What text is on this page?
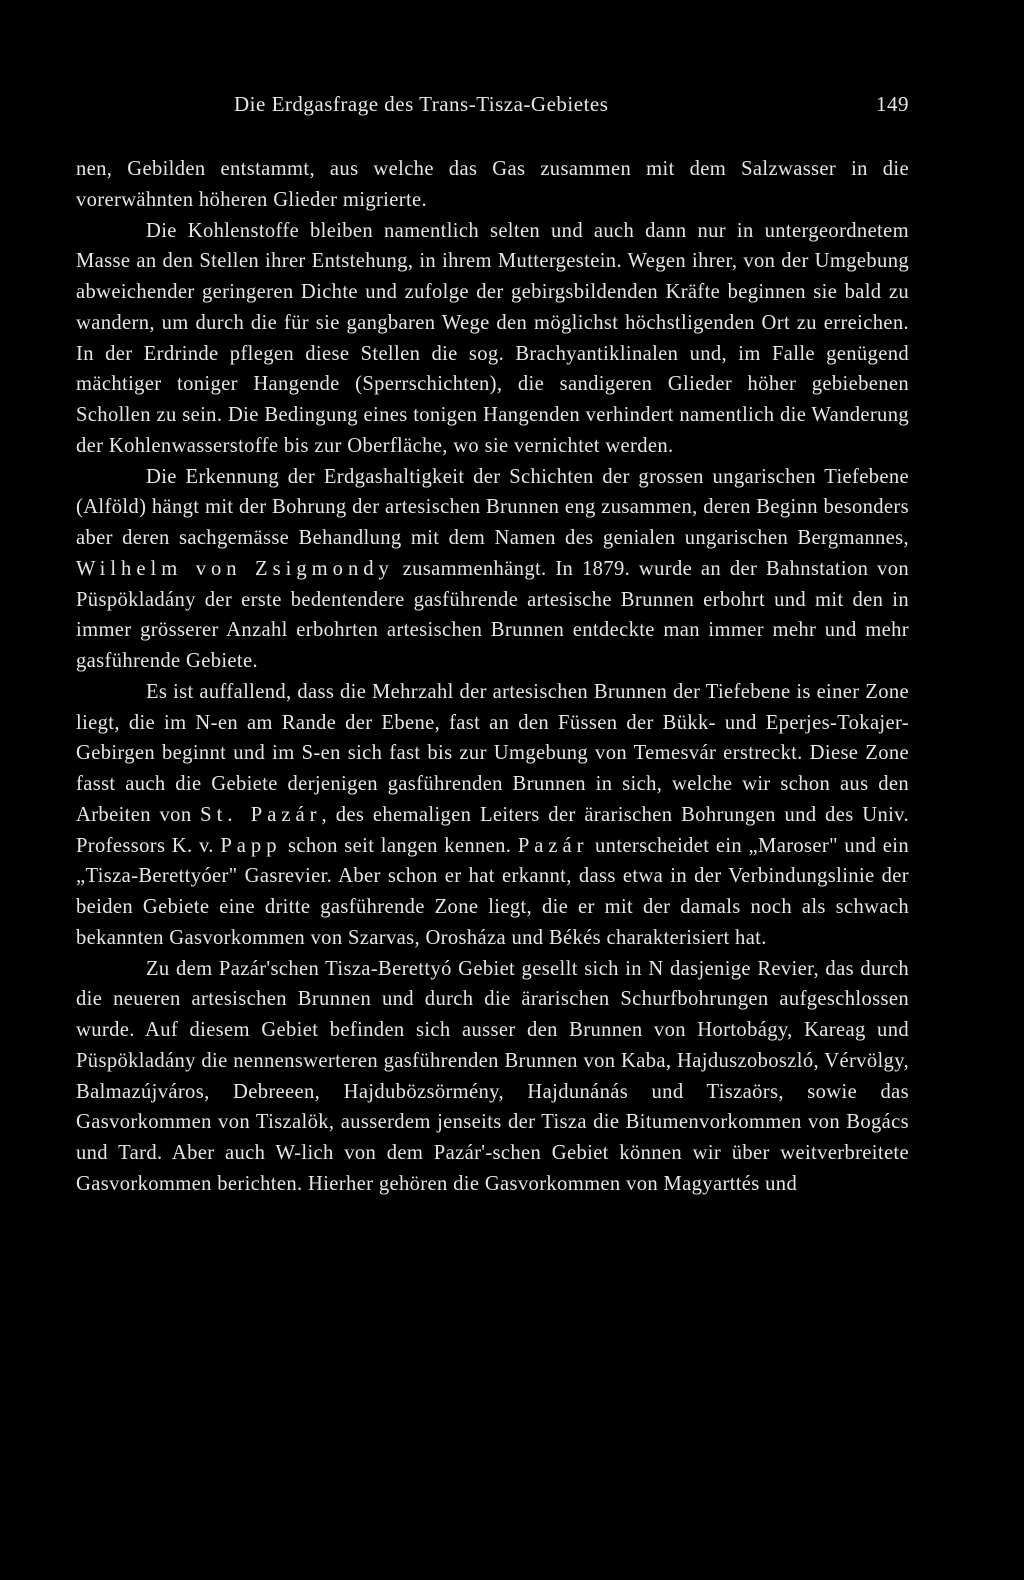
Die Erdgasfrage des Trans-Tisza-Gebietes	149

nen, Gebilden entstammt, aus welche das Gas zusammen mit dem Salzwasser in die vorerwähnten höheren Glieder migrierte.

Die Kohlenstoffe bleiben namentlich selten und auch dann nur in untergeordnetem Masse an den Stellen ihrer Entstehung, in ihrem Muttergestein. Wegen ihrer, von der Umgebung abweichender geringeren Dichte und zufolge der gebirgsbildenden Kräfte beginnen sie bald zu wandern, um durch die für sie gangbaren Wege den möglichst höchstligenden Ort zu erreichen. In der Erdrinde pflegen diese Stellen die sog. Brachyantiklinalen und, im Falle genügend mächtiger toniger Hangende (Sperrschichten), die sandigeren Glieder höher gebiebenen Schollen zu sein. Die Bedingung eines tonigen Hangenden verhindert namentlich die Wanderung der Kohlenwasserstoffe bis zur Oberfläche, wo sie vernichtet werden.

Die Erkennung der Erdgashaltigkeit der Schichten der grossen ungarischen Tiefebene (Alföld) hängt mit der Bohrung der artesischen Brunnen eng zusammen, deren Beginn besonders aber deren sachgemässe Behandlung mit dem Namen des genialen ungarischen Bergmannes, Wilhelm von Zsigmondy zusammenhängt. In 1879. wurde an der Bahnstation von Püspökladány der erste bedentendere gasführende artesische Brunnen erbohrt und mit den in immer grösserer Anzahl erbohrten artesischen Brunnen entdeckte man immer mehr und mehr gasführende Gebiete.

Es ist auffallend, dass die Mehrzahl der artesischen Brunnen der Tiefebene is einer Zone liegt, die im N-en am Rande der Ebene, fast an den Füssen der Bükk- und Eperjes-Tokajer-Gebirgen beginnt und im S-en sich fast bis zur Umgebung von Temesvár erstreckt. Diese Zone fasst auch die Gebiete derjenigen gasführenden Brunnen in sich, welche wir schon aus den Arbeiten von St. Pazár, des ehemaligen Leiters der ärarischen Bohrungen und des Univ. Professors K. v. Papp schon seit langen kennen. Pazár unterscheidet ein „Maroser" und ein „Tisza-Berettyóer" Gasrevier. Aber schon er hat erkannt, dass etwa in der Verbindungslinie der beiden Gebiete eine dritte gasführende Zone liegt, die er mit der damals noch als schwach bekannten Gasvorkommen von Szarvas, Orosháza und Békés charakterisiert hat.

Zu dem Pazár'schen Tisza-Berettyó Gebiet gesellt sich in N dasjenige Revier, das durch die neueren artesischen Brunnen und durch die ärarischen Schurfbohrungen aufgeschlossen wurde. Auf diesem Gebiet befinden sich ausser den Brunnen von Hortobágy, Kareag und Püspökladány die nennenswerteren gasführenden Brunnen von Kaba, Hajduszoboszló, Vérvölgy, Balmazújváros, Debreeen, Hajdubözsörmény, Hajdunánás und Tiszaörs, sowie das Gasvorkommen von Tiszalök, ausserdem jenseits der Tisza die Bitumenvorkommen von Bogács und Tard. Aber auch W-lich von dem Pazár'-schen Gebiet können wir über weitverbreitete Gasvorkommen berichten. Hierher gehören die Gasvorkommen von Magyarttés und
